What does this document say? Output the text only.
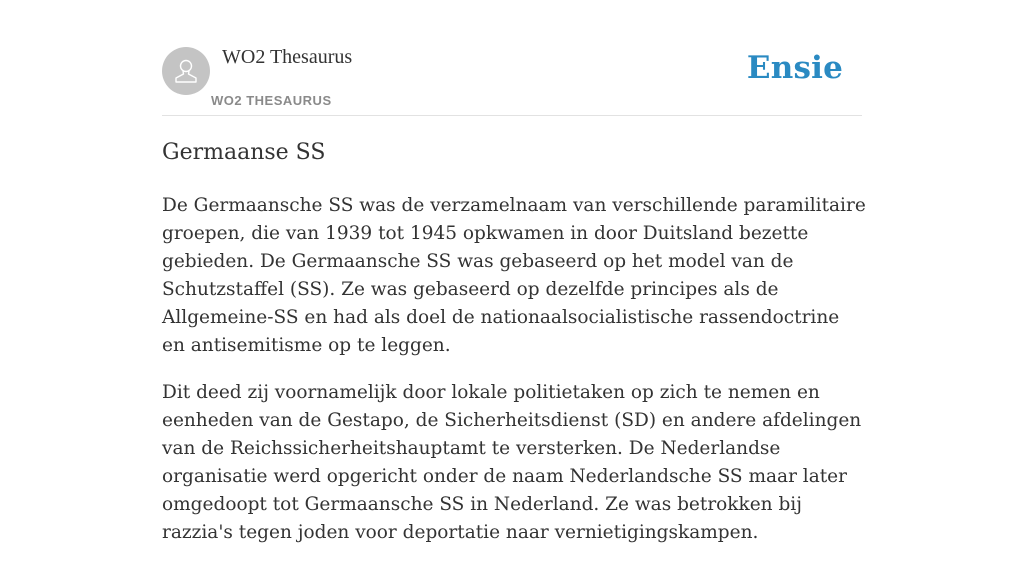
WO2 Thesaurus
WO2 THESAURUS
Ensie
Germaanse SS

De Germaansche SS was de verzamelnaam van verschillende paramilitaire groepen, die van 1939 tot 1945 opkwamen in door Duitsland bezette gebieden. De Germaansche SS was gebaseerd op het model van de Schutzstaffel (SS). Ze was gebaseerd op dezelfde principes als de Allgemeine-SS en had als doel de nationaalsocialistische rassendoctrine en antisemitisme op te leggen.

Dit deed zij voornamelijk door lokale politietaken op zich te nemen en eenheden van de Gestapo, de Sicherheitsdienst (SD) en andere afdelingen van de Reichssicherheitshauptamt te versterken. De Nederlandse organisatie werd opgericht onder de naam Nederlandsche SS maar later omgedoopt tot Germaansche SS in Nederland. Ze was betrokken bij razzia's tegen joden voor deportatie naar vernietigingskampen.
